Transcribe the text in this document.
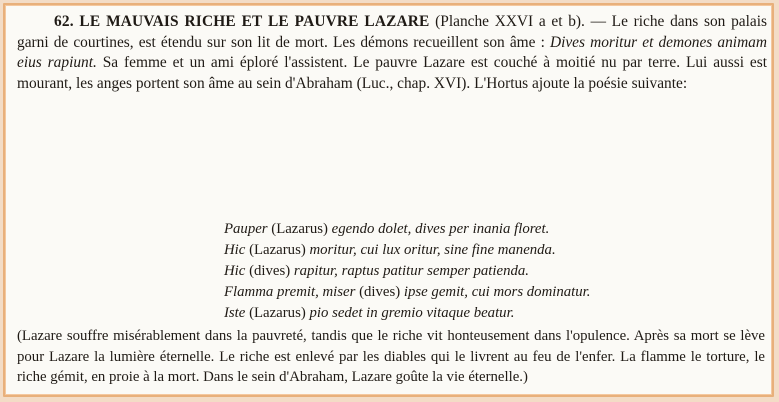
62. LE MAUVAIS RICHE ET LE PAUVRE LAZARE (Planche XXVI a et b). — Le riche dans son palais garni de courtines, est étendu sur son lit de mort. Les démons recueillent son âme : Dives moritur et demones animam eius rapiunt. Sa femme et un ami éploré l'assistent. Le pauvre Lazare est couché à moitié nu par terre. Lui aussi est mourant, les anges portent son âme au sein d'Abraham (Luc., chap. XVI). L'Hortus ajoute la poésie suivante:
Pauper (Lazarus) egendo dolet, dives per inania floret.
Hic (Lazarus) moritur, cui lux oritur, sine fine manenda.
Hic (dives) rapitur, raptus patitur semper patienda.
Flamma premit, miser (dives) ipse gemit, cui mors dominatur.
Iste (Lazarus) pio sedet in gremio vitaque beatur.
(Lazare souffre misérablement dans la pauvreté, tandis que le riche vit honteusement dans l'opulence. Après sa mort se lève pour Lazare la lumière éternelle. Le riche est enlevé par les diables qui le livrent au feu de l'enfer. La flamme le torture, le riche gémit, en proie à la mort. Dans le sein d'Abraham, Lazare goûte la vie éternelle.)
